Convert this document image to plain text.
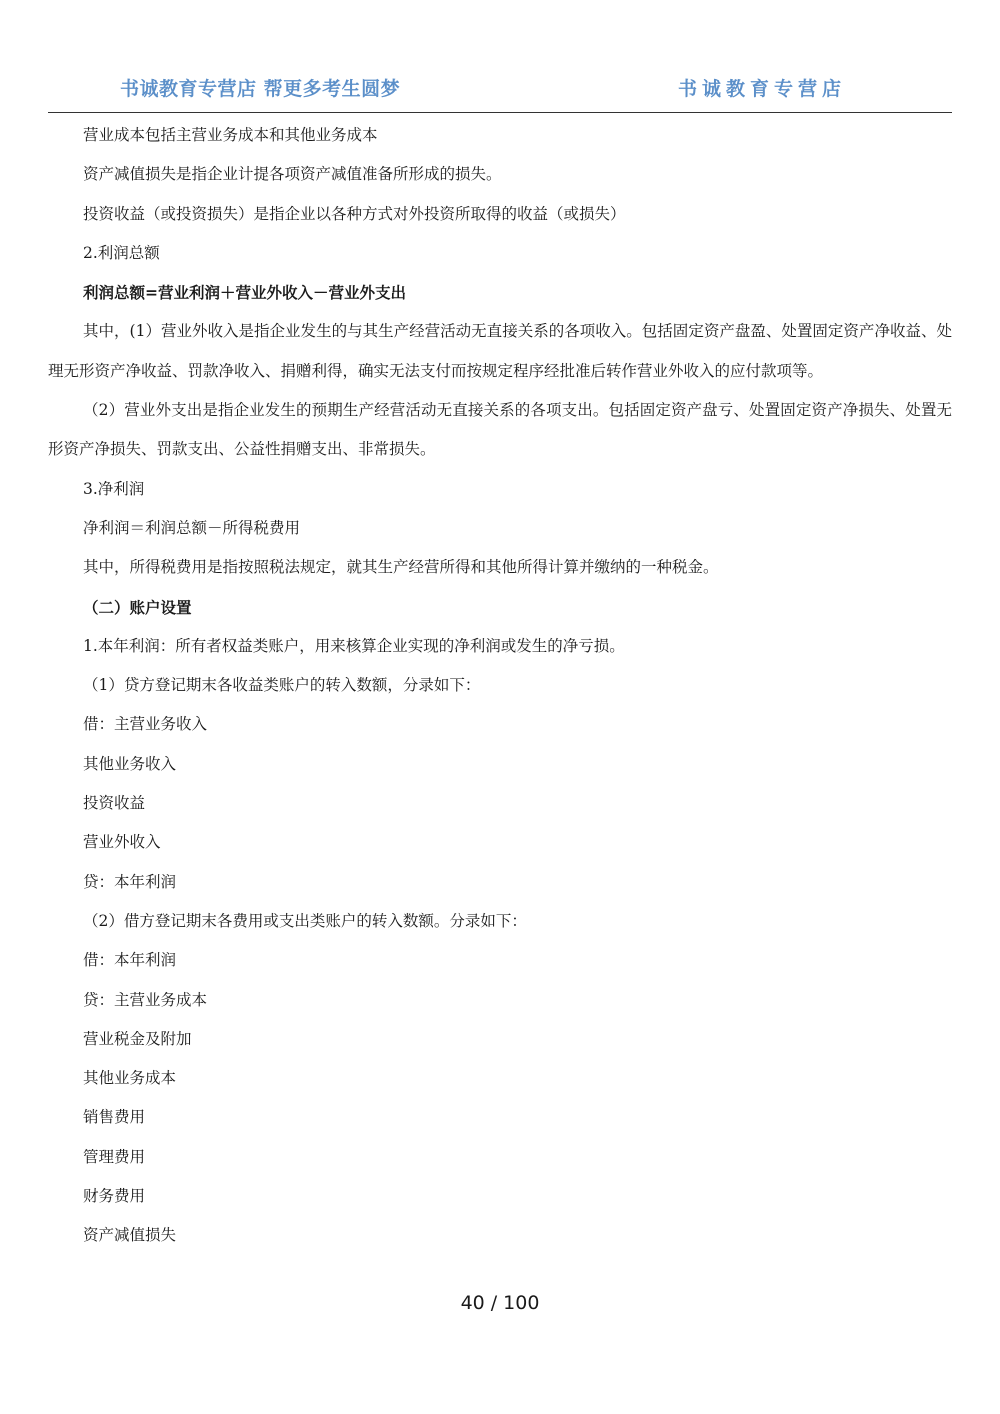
书诚教育专营店 帮更多考生圆梦	书诚教育专营店

营业成本包括主营业务成本和其他业务成本

资产减值损失是指企业计提各项资产减值准备所形成的损失。

投资收益（或投资损失）是指企业以各种方式对外投资所取得的收益（或损失）

2.利润总额

利润总额=营业利润＋营业外收入－营业外支出

其中，(1）营业外收入是指企业发生的与其生产经营活动无直接关系的各项收入。包括固定资产盘盈、处置固定资产净收益、处理无形资产净收益、罚款净收入、捐赠利得，确实无法支付而按规定程序经批准后转作营业外收入的应付款项等。

（2）营业外支出是指企业发生的预期生产经营活动无直接关系的各项支出。包括固定资产盘亏、处置固定资产净损失、处置无形资产净损失、罚款支出、公益性捐赠支出、非常损失。

3.净利润

净利润＝利润总额－所得税费用

其中，所得税费用是指按照税法规定，就其生产经营所得和其他所得计算并缴纳的一种税金。

（二）账户设置

1.本年利润：所有者权益类账户，用来核算企业实现的净利润或发生的净亏损。

（1）贷方登记期末各收益类账户的转入数额，分录如下：

借：主营业务收入

其他业务收入

投资收益

营业外收入

贷：本年利润

（2）借方登记期末各费用或支出类账户的转入数额。分录如下：

借：本年利润

贷：主营业务成本

营业税金及附加

其他业务成本

销售费用

管理费用

财务费用

资产减值损失

40 / 100
